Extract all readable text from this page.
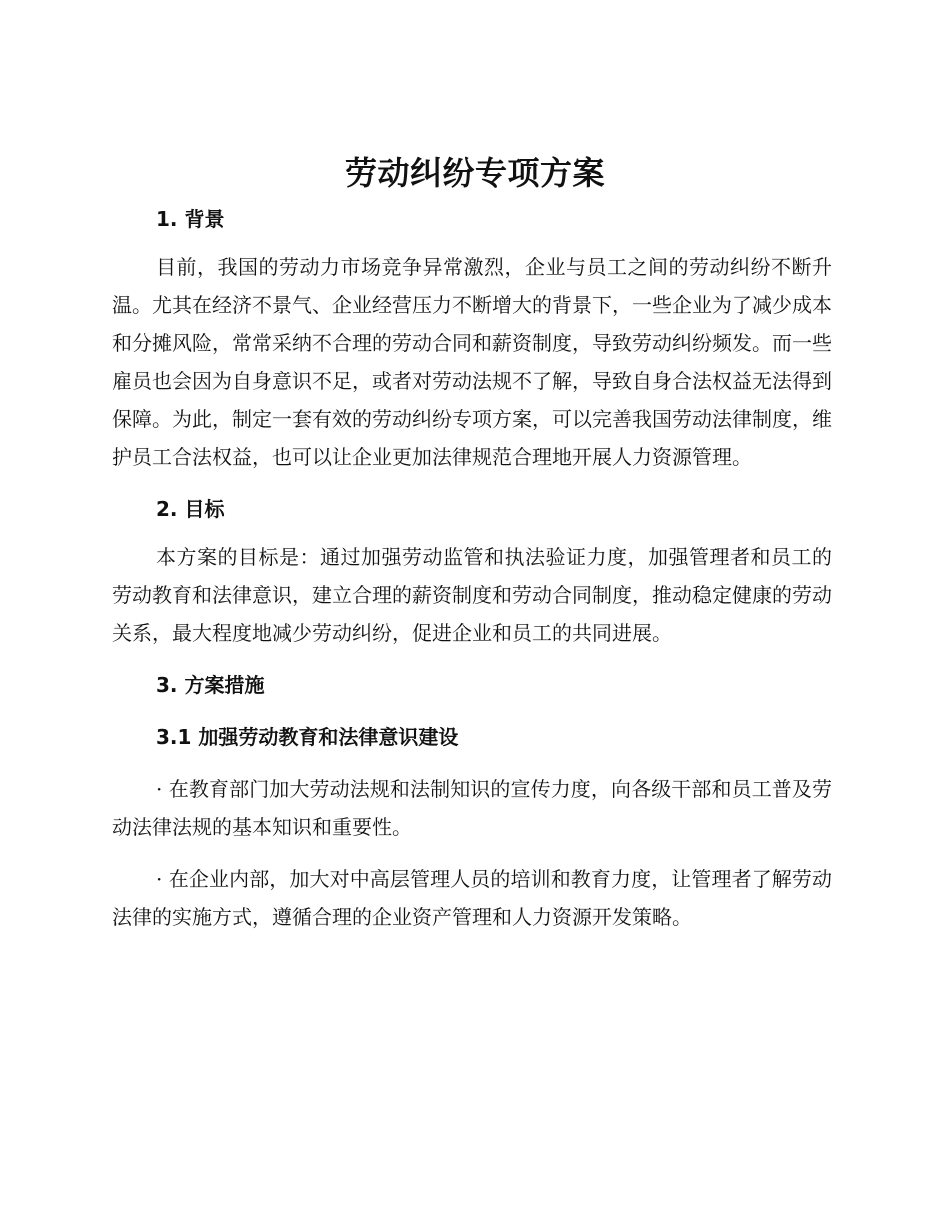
劳动纠纷专项方案
1. 背景

目前，我国的劳动力市场竞争异常激烈，企业与员工之间的劳动纠纷不断升温。尤其在经济不景气、企业经营压力不断增大的背景下，一些企业为了减少成本和分摊风险，常常采纳不合理的劳动合同和薪资制度，导致劳动纠纷频发。而一些雇员也会因为自身意识不足，或者对劳动法规不了解，导致自身合法权益无法得到保障。为此，制定一套有效的劳动纠纷专项方案，可以完善我国劳动法律制度，维护员工合法权益，也可以让企业更加法律规范合理地开展人力资源管理。

2. 目标

本方案的目标是：通过加强劳动监管和执法验证力度，加强管理者和员工的劳动教育和法律意识，建立合理的薪资制度和劳动合同制度，推动稳定健康的劳动关系，最大程度地减少劳动纠纷，促进企业和员工的共同进展。

3. 方案措施
3.1 加强劳动教育和法律意识建设

· 在教育部门加大劳动法规和法制知识的宣传力度，向各级干部和员工普及劳动法律法规的基本知识和重要性。

· 在企业内部，加大对中高层管理人员的培训和教育力度，让管理者了解劳动法律的实施方式，遵循合理的企业资产管理和人力资源开发策略。
